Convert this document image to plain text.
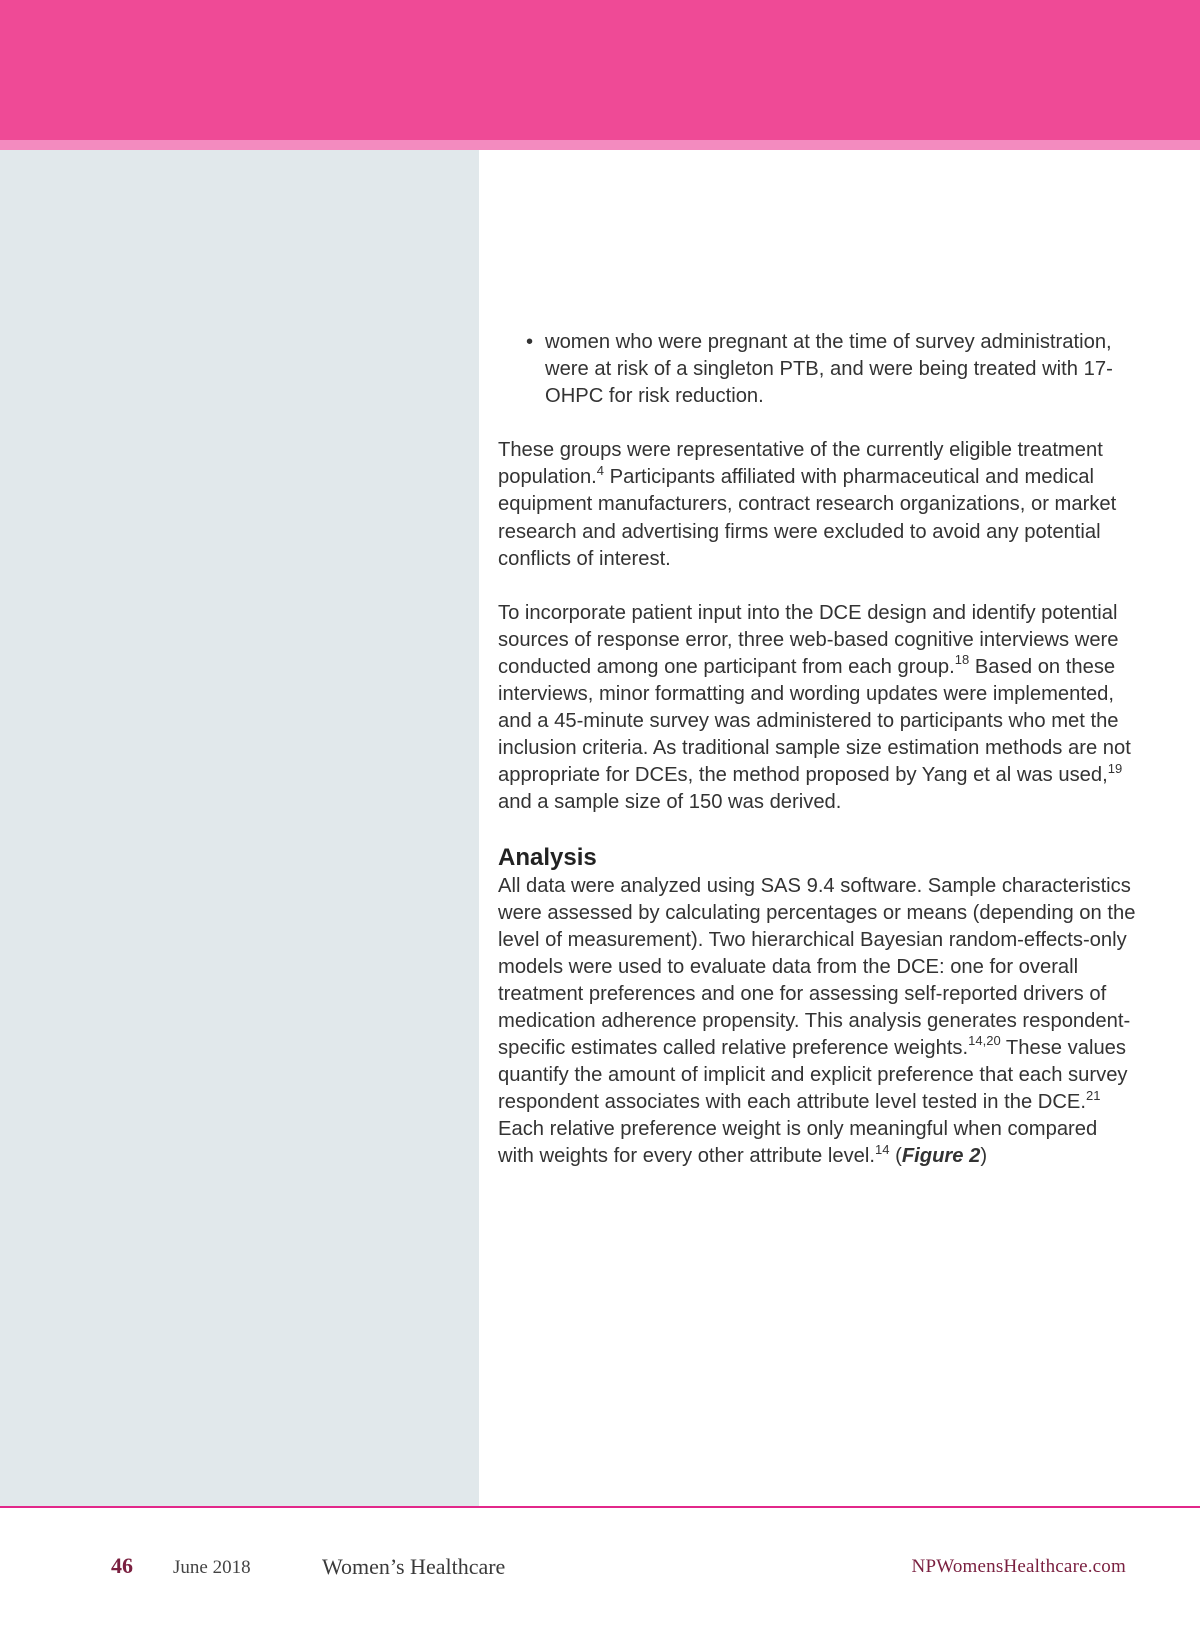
• women who were pregnant at the time of survey administration, were at risk of a singleton PTB, and were being treated with 17-OHPC for risk reduction.

These groups were representative of the currently eligible treatment population.$^4$ Participants affiliated with pharmaceutical and medical equipment manufacturers, contract research organizations, or market research and advertising firms were excluded to avoid any potential conflicts of interest.

To incorporate patient input into the DCE design and identify potential sources of response error, three web-based cognitive interviews were conducted among one participant from each group.$^{18}$ Based on these interviews, minor formatting and wording updates were implemented, and a 45-minute survey was administered to participants who met the inclusion criteria. As traditional sample size estimation methods are not appropriate for DCEs, the method proposed by Yang et al was used,$^{19}$ and a sample size of 150 was derived.

Analysis

All data were analyzed using SAS 9.4 software. Sample characteristics were assessed by calculating percentages or means (depending on the level of measurement). Two hierarchical Bayesian random-effects-only models were used to evaluate data from the DCE: one for overall treatment preferences and one for assessing self-reported drivers of medication adherence propensity. This analysis generates respondent-specific estimates called relative preference weights.$^{14,20}$ These values quantify the amount of implicit and explicit preference that each survey respondent associates with each attribute level tested in the DCE.$^{21}$ Each relative preference weight is only meaningful when compared with weights for every other attribute level.$^{14}$ (Figure 2)

46 June 2018	Women’s Healthcare	NPWomensHealthcare.com
